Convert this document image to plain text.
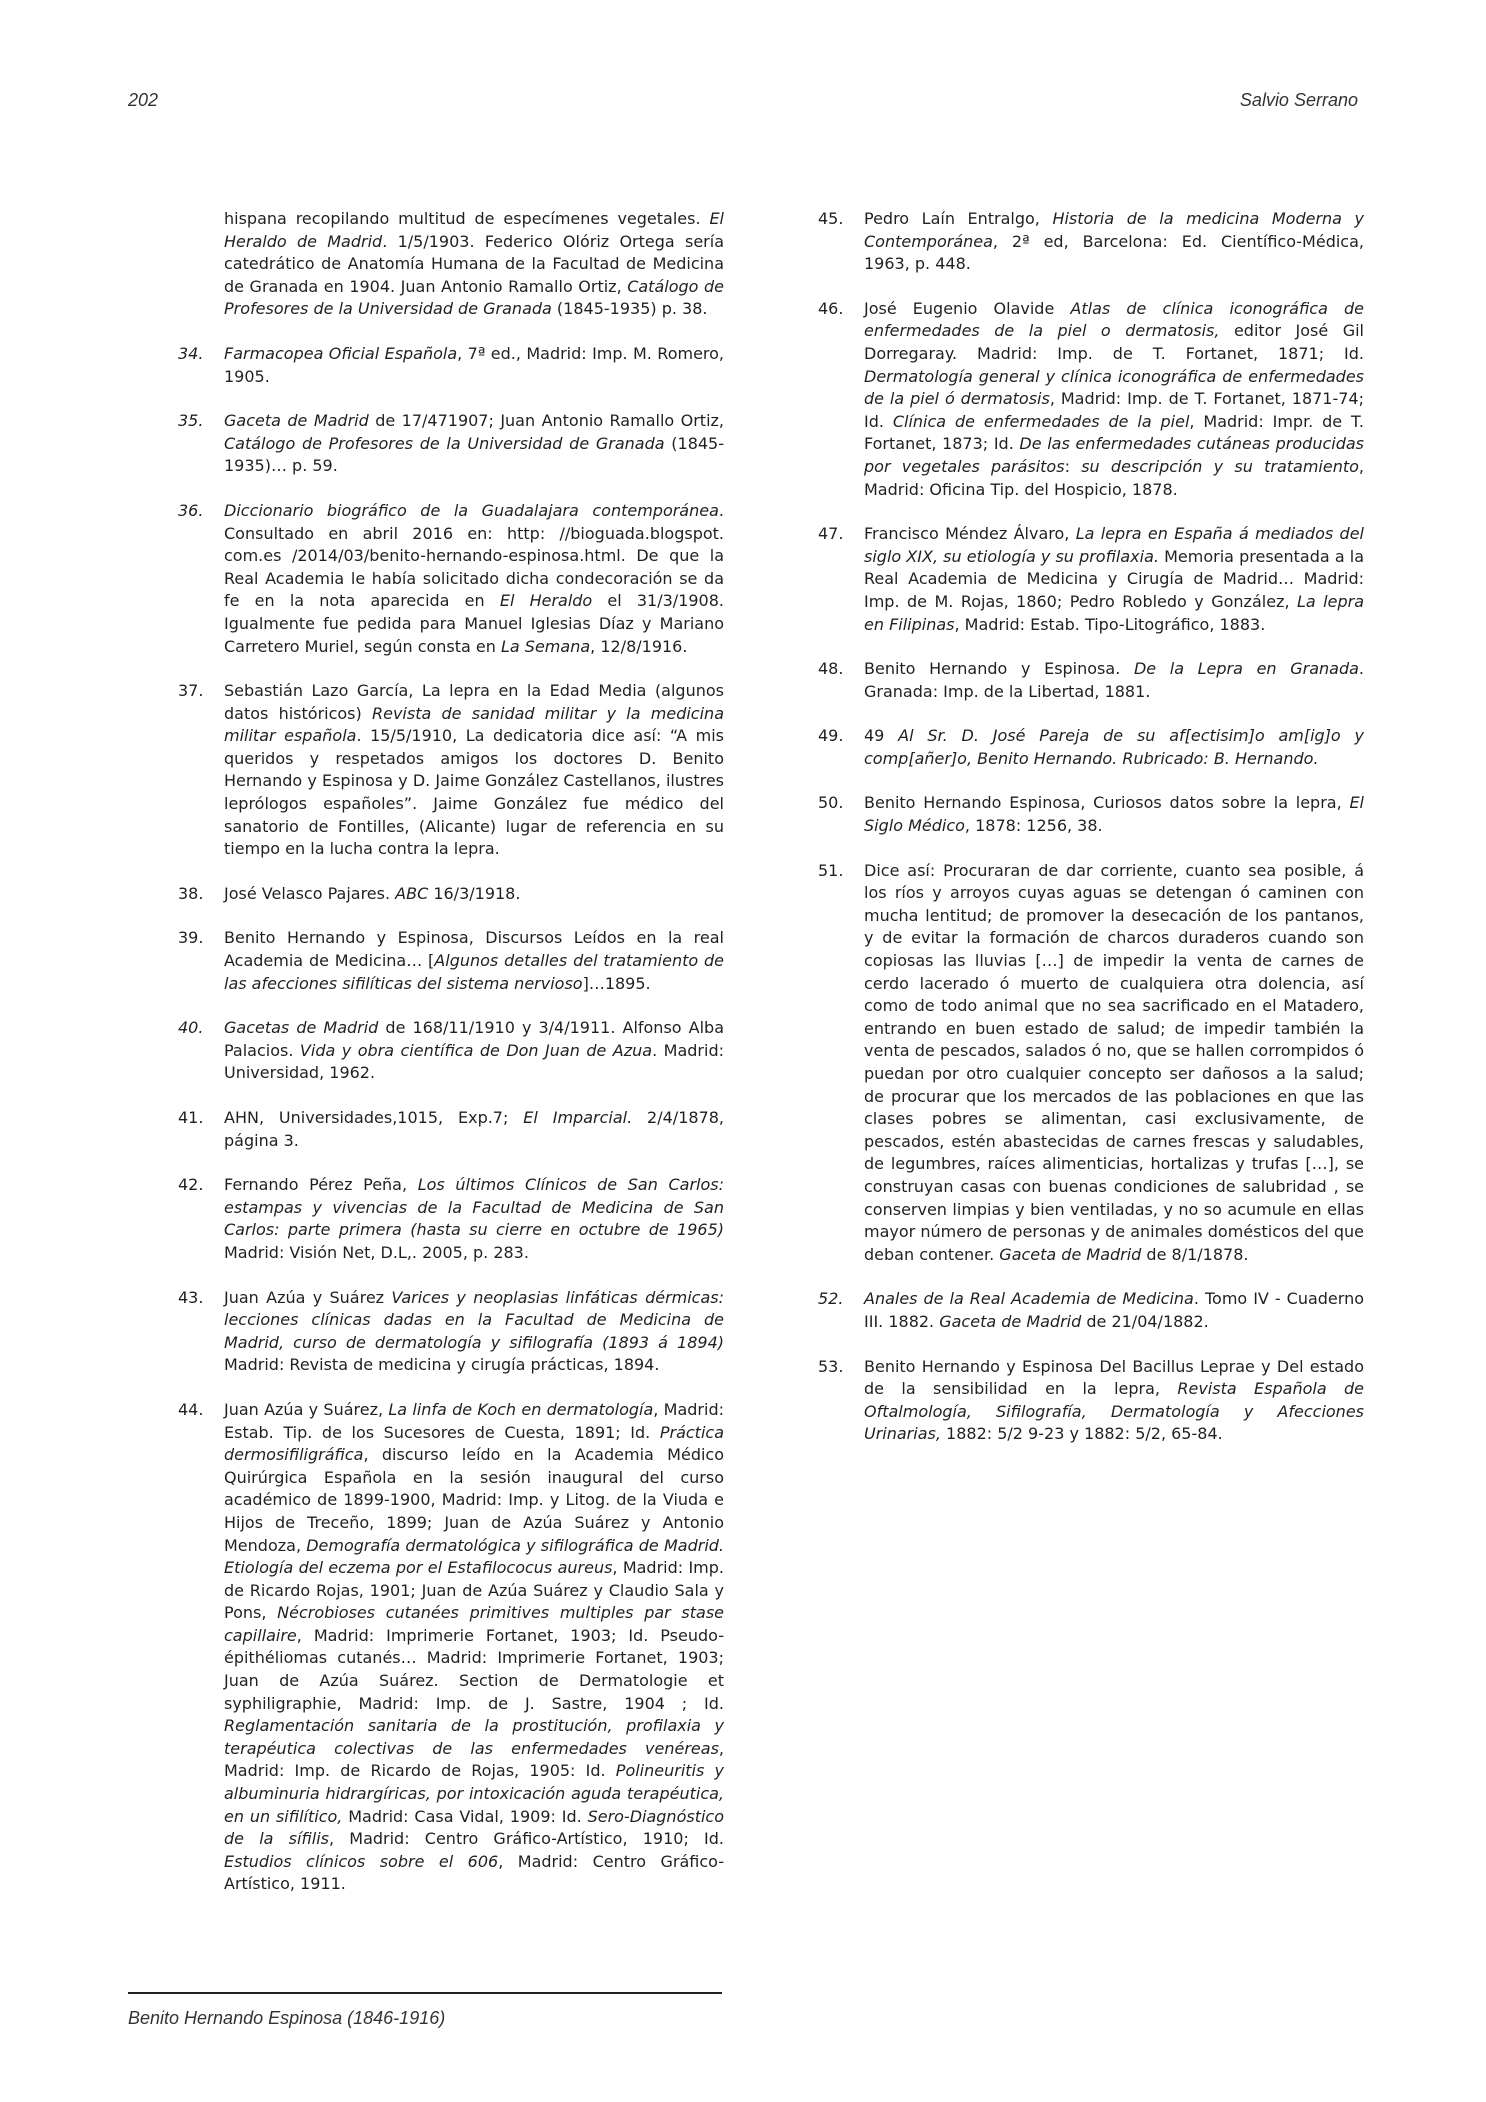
202	Salvio Serrano
hispana recopilando multitud de especímenes vegetales. El Heraldo de Madrid. 1/5/1903. Federico Olóriz Ortega sería catedrático de Anatomía Humana de la Facultad de Medicina de Granada en 1904. Juan Antonio Ramallo Ortiz, Catálogo de Profesores de la Universidad de Granada (1845-1935) p. 38.
34. Farmacopea Oficial Española, 7ª ed., Madrid: Imp. M. Romero, 1905.
35. Gaceta de Madrid de 17/471907; Juan Antonio Ramallo Ortiz, Catálogo de Profesores de la Universidad de Granada (1845-1935)… p. 59.
36. Diccionario biográfico de la Guadalajara contemporánea. Consultado en abril 2016 en: http: //bioguada.blogspot. com.es /2014/03/benito-hernando-espinosa.html. De que la Real Academia le había solicitado dicha condecoración se da fe en la nota aparecida en El Heraldo el 31/3/1908. Igualmente fue pedida para Manuel Iglesias Díaz y Mariano Carretero Muriel, según consta en La Semana, 12/8/1916.
37. Sebastián Lazo García, La lepra en la Edad Media (algunos datos históricos) Revista de sanidad militar y la medicina militar española. 15/5/1910, La dedicatoria dice así: “A mis queridos y respetados amigos los doctores D. Benito Hernando y Espinosa y D. Jaime González Castellanos, ilustres leprólogos españoles”. Jaime González fue médico del sanatorio de Fontilles, (Alicante) lugar de referencia en su tiempo en la lucha contra la lepra.
38. José Velasco Pajares. ABC 16/3/1918.
39. Benito Hernando y Espinosa, Discursos Leídos en la real Academia de Medicina… [Algunos detalles del tratamiento de las afecciones sifilíticas del sistema nervioso]…1895.
40. Gacetas de Madrid de 168/11/1910 y 3/4/1911. Alfonso Alba Palacios. Vida y obra científica de Don Juan de Azua. Madrid: Universidad, 1962.
41. AHN, Universidades,1015, Exp.7; El Imparcial. 2/4/1878, página 3.
42. Fernando Pérez Peña, Los últimos Clínicos de San Carlos: estampas y vivencias de la Facultad de Medicina de San Carlos: parte primera (hasta su cierre en octubre de 1965) Madrid: Visión Net, D.L,. 2005, p. 283.
43. Juan Azúa y Suárez Varices y neoplasias linfáticas dérmicas: lecciones clínicas dadas en la Facultad de Medicina de Madrid, curso de dermatología y sifilografía (1893 á 1894) Madrid: Revista de medicina y cirugía prácticas, 1894.
44. Juan Azúa y Suárez, La linfa de Koch en dermatología, Madrid: Estab. Tip. de los Sucesores de Cuesta, 1891; Id. Práctica dermosifiligráfica, discurso leído en la Academia Médico Quirúrgica Española en la sesión inaugural del curso académico de 1899-1900, Madrid: Imp. y Litog. de la Viuda e Hijos de Treceño, 1899; Juan de Azúa Suárez y Antonio Mendoza, Demografía dermatológica y sifilográfica de Madrid. Etiología del eczema por el Estafilococus aureus, Madrid: Imp. de Ricardo Rojas, 1901; Juan de Azúa Suárez y Claudio Sala y Pons, Nécrobioses cutanées primitives multiples par stase capillaire, Madrid: Imprimerie Fortanet, 1903; Id. Pseudo-épithéliomas cutanés… Madrid: Imprimerie Fortanet, 1903; Juan de Azúa Suárez. Section de Dermatologie et syphiligraphie, Madrid: Imp. de J. Sastre, 1904 ; Id. Reglamentación sanitaria de la prostitución, profilaxia y terapéutica colectivas de las enfermedades venéreas, Madrid: Imp. de Ricardo de Rojas, 1905: Id. Polineuritis y albuminuria hidrargíricas, por intoxicación aguda terapéutica, en un sifilítico, Madrid: Casa Vidal, 1909: Id. Sero-Diagnóstico de la sífilis, Madrid: Centro Gráfico-Artístico, 1910; Id. Estudios clínicos sobre el 606, Madrid: Centro Gráfico-Artístico, 1911.
45. Pedro Laín Entralgo, Historia de la medicina Moderna y Contemporánea, 2ª ed, Barcelona: Ed. Científico-Médica, 1963, p. 448.
46. José Eugenio Olavide Atlas de clínica iconográfica de enfermedades de la piel o dermatosis, editor José Gil Dorregaray. Madrid: Imp. de T. Fortanet, 1871; Id. Dermatología general y clínica iconográfica de enfermedades de la piel ó dermatosis, Madrid: Imp. de T. Fortanet, 1871-74; Id. Clínica de enfermedades de la piel, Madrid: Impr. de T. Fortanet, 1873; Id. De las enfermedades cutáneas producidas por vegetales parásitos: su descripción y su tratamiento, Madrid: Oficina Tip. del Hospicio, 1878.
47. Francisco Méndez Álvaro, La lepra en España á mediados del siglo XIX, su etiología y su profilaxia. Memoria presentada a la Real Academia de Medicina y Cirugía de Madrid… Madrid: Imp. de M. Rojas, 1860; Pedro Robledo y González, La lepra en Filipinas, Madrid: Estab. Tipo-Litográfico, 1883.
48. Benito Hernando y Espinosa. De la Lepra en Granada. Granada: Imp. de la Libertad, 1881.
49. 49 Al Sr. D. José Pareja de su af[ectisim]o am[ig]o y comp[añer]o, Benito Hernando. Rubricado: B. Hernando.
50. Benito Hernando Espinosa, Curiosos datos sobre la lepra, El Siglo Médico, 1878: 1256, 38.
51. Dice así: Procuraran de dar corriente, cuanto sea posible, á los ríos y arroyos cuyas aguas se detengan ó caminen con mucha lentitud; de promover la desecación de los pantanos, y de evitar la formación de charcos duraderos cuando son copiosas las lluvias […] de impedir la venta de carnes de cerdo lacerado ó muerto de cualquiera otra dolencia, así como de todo animal que no sea sacrificado en el Matadero, entrando en buen estado de salud; de impedir también la venta de pescados, salados ó no, que se hallen corrompidos ó puedan por otro cualquier concepto ser dañosos a la salud; de procurar que los mercados de las poblaciones en que las clases pobres se alimentan, casi exclusivamente, de pescados, estén abastecidas de carnes frescas y saludables, de legumbres, raíces alimenticias, hortalizas y trufas […], se construyan casas con buenas condiciones de salubridad , se conserven limpias y bien ventiladas, y no so acumule en ellas mayor número de personas y de animales domésticos del que deban contener. Gaceta de Madrid de 8/1/1878.
52. Anales de la Real Academia de Medicina. Tomo IV - Cuaderno III. 1882. Gaceta de Madrid de 21/04/1882.
53. Benito Hernando y Espinosa Del Bacillus Leprae y Del estado de la sensibilidad en la lepra, Revista Española de Oftalmología, Sifilografía, Dermatología y Afecciones Urinarias, 1882: 5/2 9-23 y 1882: 5/2, 65-84.
Benito Hernando Espinosa (1846-1916)
